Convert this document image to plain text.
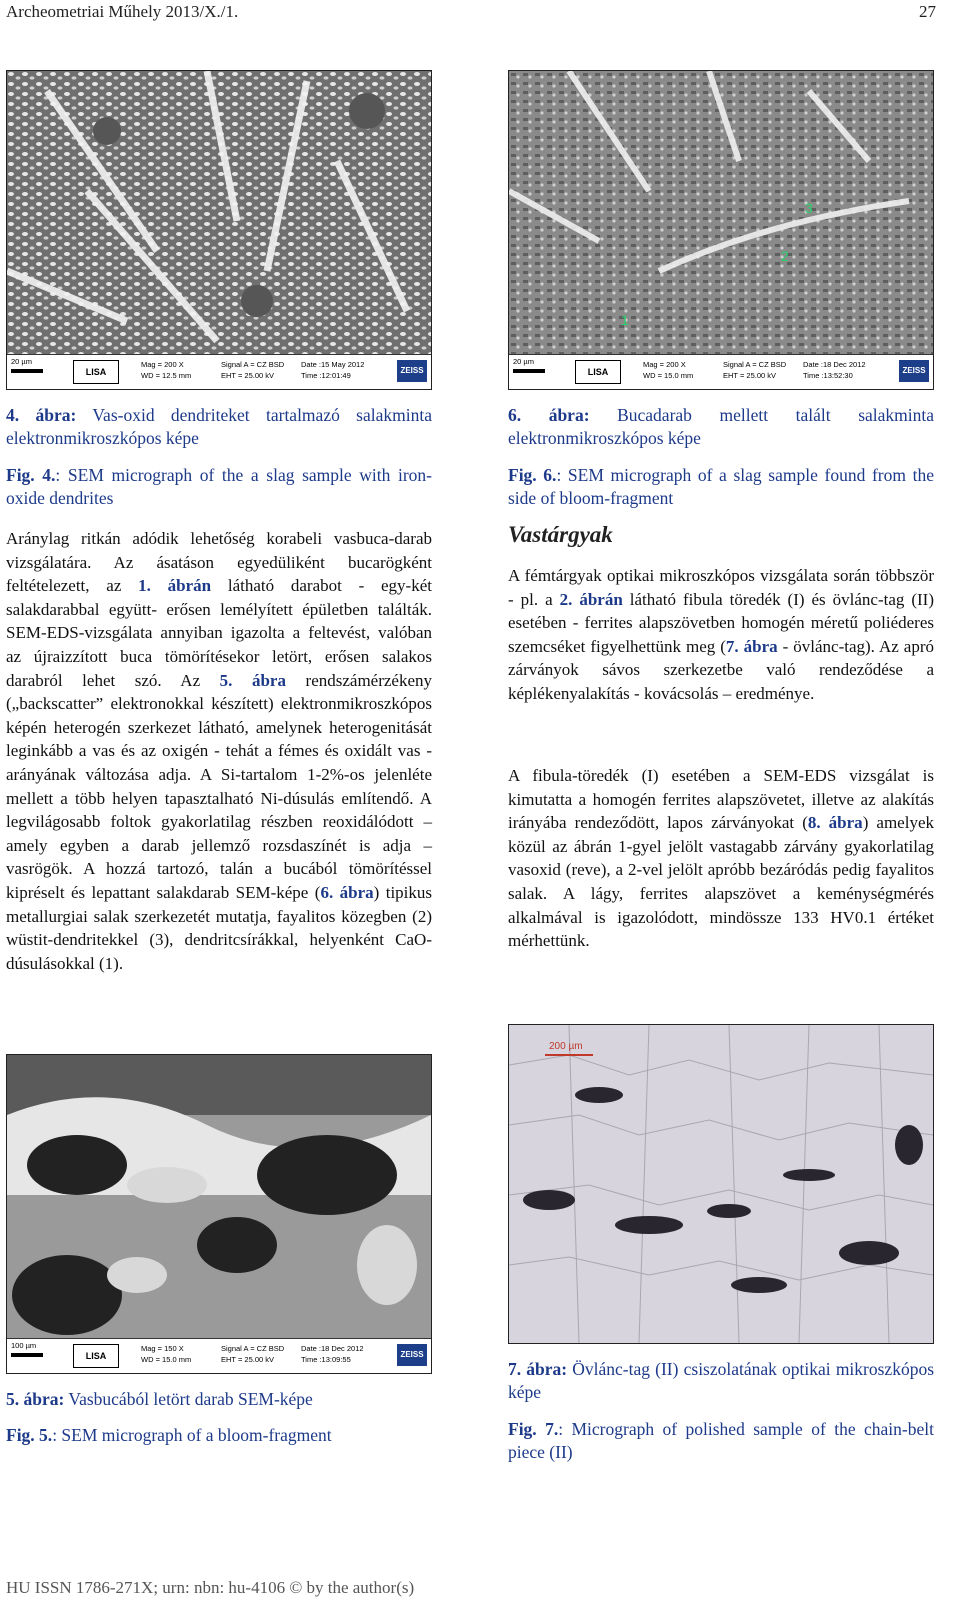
Archeometriai Műhely 2013/X./1.	27
20 µm
LISA
Mag = 200 X
WD = 12.5 mm
Signal A = CZ BSD
EHT = 25.00 kV
Date :15 May 2012
Time :12:01:49
ZEISS
4. ábra: Vas-oxid dendriteket tartalmazó salakminta elektronmikroszkópos képe
Fig. 4.: SEM micrograph of the a slag sample with iron-oxide dendrites
Aránylag ritkán adódik lehetőség korabeli vasbuca-darab vizsgálatára. Az ásatáson egyedüliként bucarögként feltételezett, az 1. ábrán látható darabot - egy-két salakdarabbal együtt- erősen lemélyített épületben találták. SEM-EDS-vizsgálata annyiban igazolta a feltevést, valóban az újraizzított buca tömörítésekor letört, erősen salakos darabról lehet szó. Az 5. ábra rendszámérzékeny („backscatter” elektronokkal készített) elektronmikroszkópos képén heterogén szerkezet látható, amelynek heterogenitását leginkább a vas és az oxigén - tehát a fémes és oxidált vas - arányának változása adja. A Si-tartalom 1-2%-os jelenléte mellett a több helyen tapasztalható Ni-dúsulás említendő. A legvilágosabb foltok gyakorlatilag részben reoxidálódott – amely egyben a darab jellemző rozsdaszínét is adja – vasrögök. A hozzá tartozó, talán a bucából tömörítéssel kipréselt és lepattant salakdarab SEM-képe (6. ábra) tipikus metallurgiai salak szerkezetét mutatja, fayalitos közegben (2) wüstit-dendritekkel (3), dendritcsírákkal, helyenként CaO-dúsulásokkal (1).
100 µm
LISA
Mag = 150 X
WD = 15.0 mm
Signal A = CZ BSD
EHT = 25.00 kV
Date :18 Dec 2012
Time :13:09:55
ZEISS
5. ábra: Vasbucából letört darab SEM-képe
Fig. 5.: SEM micrograph of a bloom-fragment
3
2
1
20 µm
LISA
Mag = 200 X
WD = 15.0 mm
Signal A = CZ BSD
EHT = 25.00 kV
Date :18 Dec 2012
Time :13:52:30
ZEISS
6. ábra: Bucadarab mellett talált salakminta elektronmikroszkópos képe
Fig. 6.: SEM micrograph of a slag sample found from the side of bloom-fragment
Vastárgyak
A fémtárgyak optikai mikroszkópos vizsgálata során többször - pl. a 2. ábrán látható fibula töredék (I) és övlánc-tag (II) esetében - ferrites alapszövetben homogén méretű poliéderes szemcséket figyelhettünk meg (7. ábra - övlánc-tag). Az apró zárványok sávos szerkezetbe való rendeződése a képlékenyalakítás - kovácsolás – eredménye.
A fibula-töredék (I) esetében a SEM-EDS vizsgálat is kimutatta a homogén ferrites alapszövetet, illetve az alakítás irányába rendeződött, lapos zárványokat (8. ábra) amelyek közül az ábrán 1-gyel jelölt vastagabb zárvány gyakorlatilag vasoxid (reve), a 2-vel jelölt apróbb bezáródás pedig fayalitos salak. A lágy, ferrites alapszövet a keménységmérés alkalmával is igazolódott, mindössze 133 HV0.1 értéket mérhettünk.
200 µm
7. ábra: Övlánc-tag (II) csiszolatának optikai mikroszkópos képe
Fig. 7.: Micrograph of polished sample of the chain-belt piece (II)
HU ISSN 1786-271X; urn: nbn: hu-4106 © by the author(s)
